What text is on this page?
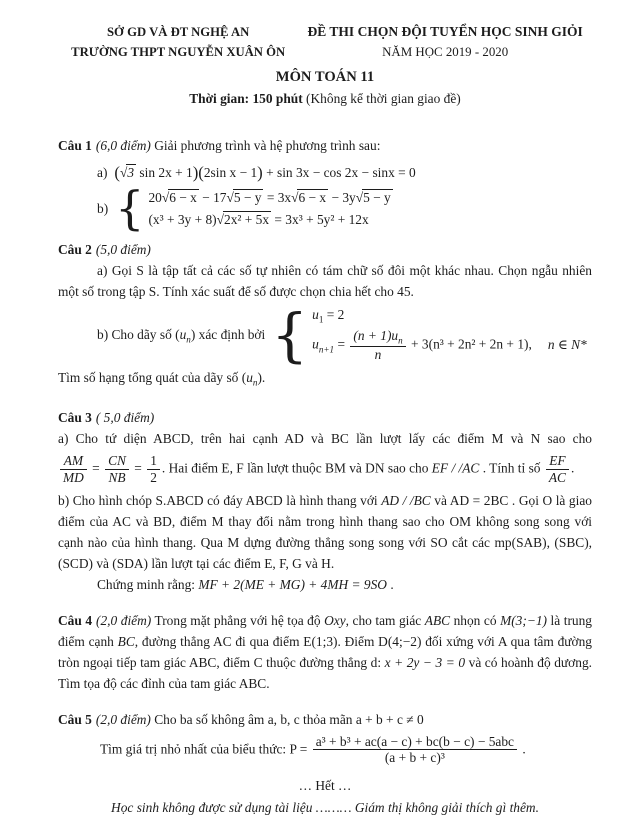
SỞ GD VÀ ĐT NGHỆ AN
TRƯỜNG THPT NGUYỄN XUÂN ÔN
ĐỀ THI CHỌN ĐỘI TUYỂN HỌC SINH GIỎI
NĂM HỌC 2019 - 2020
MÔN TOÁN 11

Thời gian: 150 phút (Không kể thời gian giao đề)

Câu 1 (6,0 điểm) Giải phương trình và hệ phương trình sau:

a) (√3 sin 2x + 1)(2sin x − 1) + sin 3x − cos 2x − sinx = 0

b) { 20√6 − x − 17√5 − y = 3x√6 − x − 3y√5 − y
(x³ + 3y + 8)√2x² + 5x = 3x³ + 5y² + 12x

Câu 2 (5,0 điểm)

a) Gọi S là tập tất cả các số tự nhiên có tám chữ số đôi một khác nhau. Chọn ngẫu nhiên một số trong tập S. Tính xác suất để số được chọn chia hết cho 45.

b) Cho dãy số $(u_n)$ xác định bởi { $u_1 = 2$
$u_{n+1} = \frac{(n + 1)u_n}{n} + 3(n^3 + 2n^2 + 2n + 1)$, n ∈ N*

Tìm số hạng tổng quát của dãy số $(u_n)$.

Câu 3 ( 5,0 điểm)

a) Cho tứ diện ABCD, trên hai cạnh AD và BC lần lượt lấy các điểm M và N sao cho

$\frac{AM}{MD} = \frac{CN}{NB} = \frac{1}{2}$ . Hai điểm E, F lần lượt thuộc BM và DN sao cho EF / /AC . Tính tỉ số $\frac{EF}{AC}$ .

b) Cho hình chóp S.ABCD có đáy ABCD là hình thang với AD / /BC và AD = 2BC . Gọi O là giao điểm của AC và BD, điểm M thay đổi nằm trong hình thang sao cho OM không song song với cạnh nào của hình thang. Qua M dựng đường thẳng song song với SO cắt các mp(SAB), (SBC), (SCD) và (SDA) lần lượt tại các điểm E, F, G và H.

Chứng minh rằng: MF + 2(ME + MG) + 4MH = 9SO .

Câu 4 (2,0 điểm) Trong mặt phẳng với hệ tọa độ Oxy, cho tam giác ABC nhọn có M(3;−1) là trung điểm cạnh BC, đường thẳng AC đi qua điểm E(1;3). Điểm D(4;−2) đối xứng với A qua tâm đường tròn ngoại tiếp tam giác ABC, điểm C thuộc đường thẳng d: x + 2y − 3 = 0 và có hoành độ dương. Tìm tọa độ các đỉnh của tam giác ABC.

Câu 5 (2,0 điểm) Cho ba số không âm a, b, c thỏa mãn a + b + c ≠ 0

Tìm giá trị nhỏ nhất của biểu thức: $P = \frac{\text{a³ + b³ + ac(a − c) + bc(b − c) − 5abc}}{\text{(a + b + c)³}}$ .

… Hết …

Học sinh không được sử dụng tài liệu ……… Giám thị không giải thích gì thêm.
